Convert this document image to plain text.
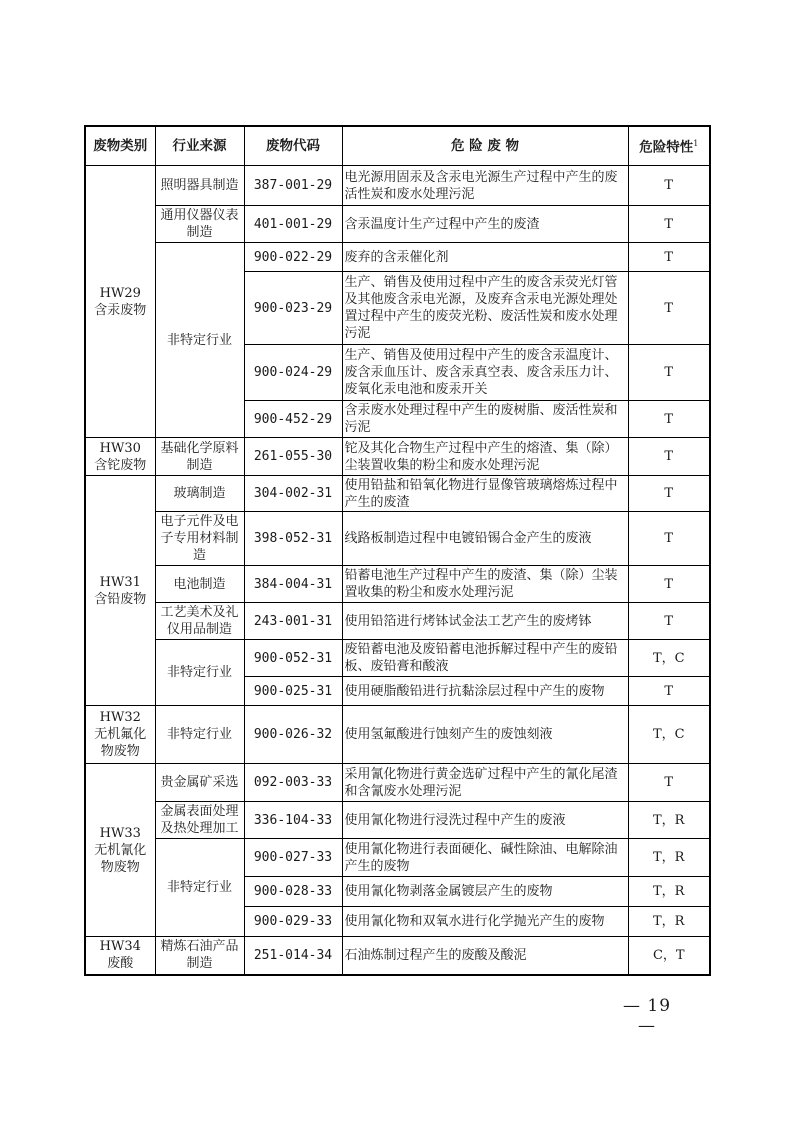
废物类别	行业来源	废物代码	危 险 废 物	危险特性$^1$
HW29
含汞废物	照明器具制造	387-001-29	电光源用固汞及含汞电光源生产过程中产生的废活性炭和废水处理污泥	T
	通用仪器仪表制造	401-001-29	含汞温度计生产过程中产生的废渣	T
	非特定行业	900-022-29	废弃的含汞催化剂	T
		900-023-29	生产、销售及使用过程中产生的废含汞荧光灯管及其他废含汞电光源，及废弃含汞电光源处理处置过程中产生的废荧光粉、废活性炭和废水处理污泥	T
		900-024-29	生产、销售及使用过程中产生的废含汞温度计、废含汞血压计、废含汞真空表、废含汞压力计、废氧化汞电池和废汞开关	T
		900-452-29	含汞废水处理过程中产生的废树脂、废活性炭和污泥	T
HW30
含铊废物	基础化学原料制造	261-055-30	铊及其化合物生产过程中产生的熔渣、集（除）尘装置收集的粉尘和废水处理污泥	T
HW31
含铅废物	玻璃制造	304-002-31	使用铅盐和铅氧化物进行显像管玻璃熔炼过程中产生的废渣	T
	电子元件及电子专用材料制造	398-052-31	线路板制造过程中电镀铅锡合金产生的废液	T
	电池制造	384-004-31	铅蓄电池生产过程中产生的废渣、集（除）尘装置收集的粉尘和废水处理污泥	T
	工艺美术及礼仪用品制造	243-001-31	使用铅箔进行烤钵试金法工艺产生的废烤钵	T
	非特定行业	900-052-31	废铅蓄电池及废铅蓄电池拆解过程中产生的废铅板、废铅膏和酸液	T，C
		900-025-31	使用硬脂酸铅进行抗黏涂层过程中产生的废物	T
HW32
无机氟化
物废物	非特定行业	900-026-32	使用氢氟酸进行蚀刻产生的废蚀刻液	T，C
HW33
无机氰化
物废物	贵金属矿采选	092-003-33	采用氰化物进行黄金选矿过程中产生的氰化尾渣和含氰废水处理污泥	T
	金属表面处理及热处理加工	336-104-33	使用氰化物进行浸洗过程中产生的废液	T，R
	非特定行业	900-027-33	使用氰化物进行表面硬化、碱性除油、电解除油产生的废物	T，R
		900-028-33	使用氰化物剥落金属镀层产生的废物	T，R
		900-029-33	使用氰化物和双氧水进行化学抛光产生的废物	T，R
HW34
废酸	精炼石油产品制造	251-014-34	石油炼制过程产生的废酸及酸泥	C，T
— 19 —
